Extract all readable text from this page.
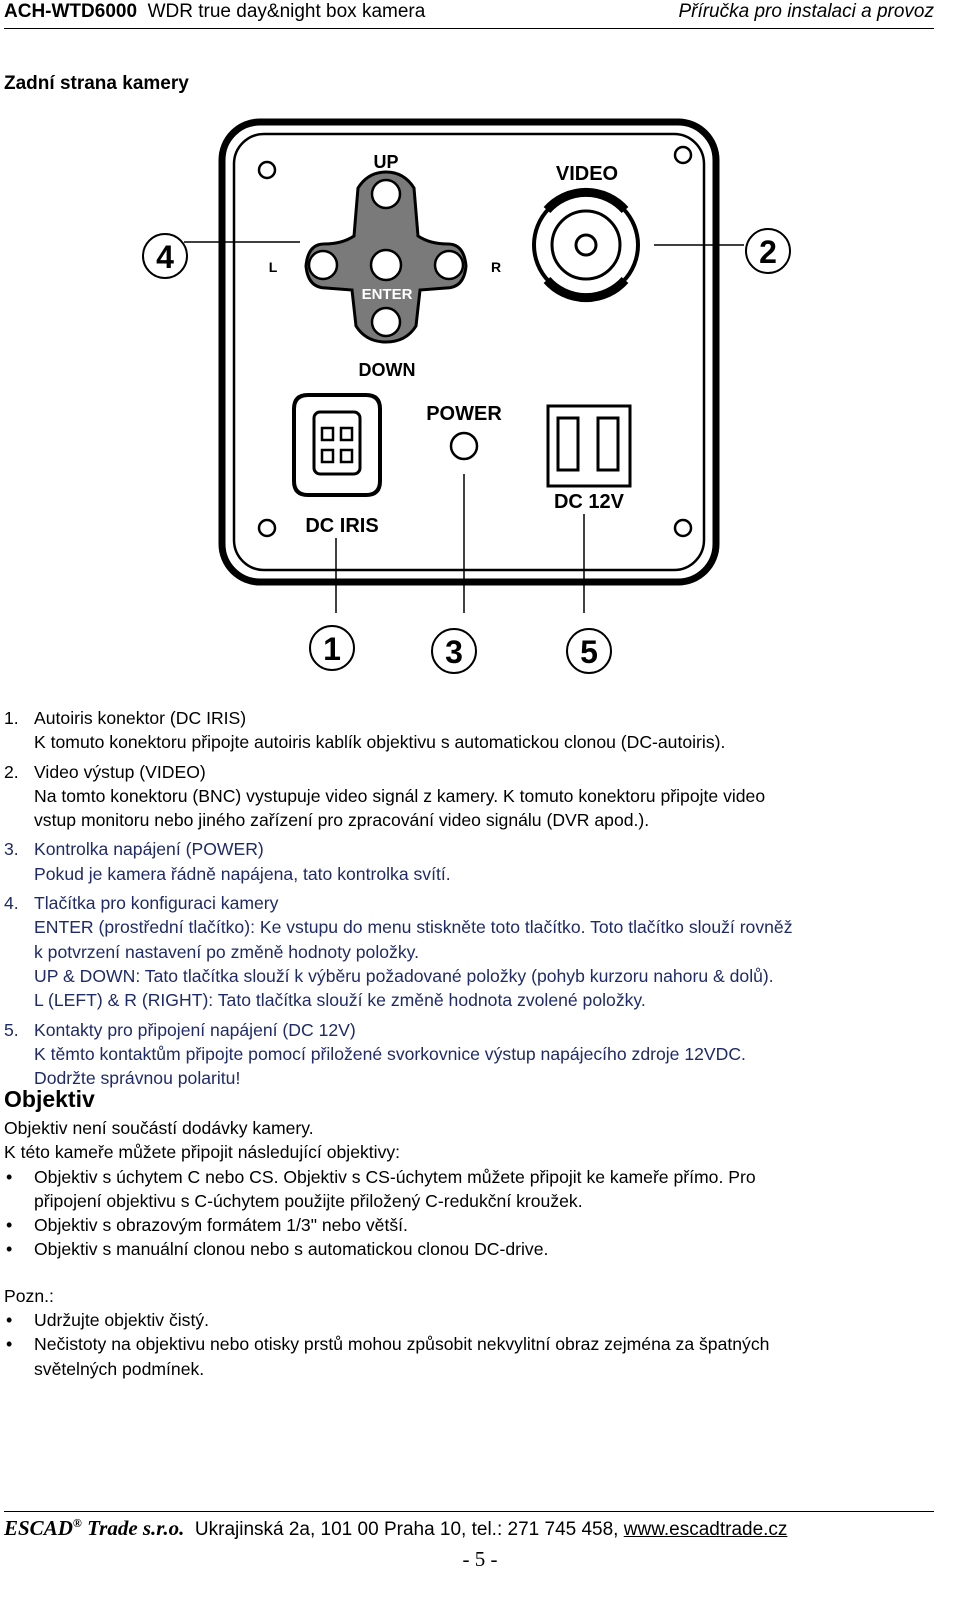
ACH-WTD6000 WDR true day&night box kamera	Příručka pro instalaci a provoz
Zadní strana kamery
UP
L	R
ENTER
DOWN
VIDEO
DC IRIS
POWER
DC 12V
1
2
3
4
5
1. Autoiris konektor (DC IRIS)
K tomuto konektoru připojte autoiris kablík objektivu s automatickou clonou (DC-autoiris).
2. Video výstup (VIDEO)
Na tomto konektoru (BNC) vystupuje video signál z kamery. K tomuto konektoru připojte video
vstup monitoru nebo jiného zařízení pro zpracování video signálu (DVR apod.).
3. Kontrolka napájení (POWER)
Pokud je kamera řádně napájena, tato kontrolka svítí.
4. Tlačítka pro konfiguraci kamery
ENTER (prostřední tlačítko): Ke vstupu do menu stiskněte toto tlačítko. Toto tlačítko slouží rovněž
k potvrzení nastavení po změně hodnoty položky.
UP & DOWN: Tato tlačítka slouží k výběru požadované položky (pohyb kurzoru nahoru & dolů).
L (LEFT) & R (RIGHT): Tato tlačítka slouží ke změně hodnota zvolené položky.
5. Kontakty pro připojení napájení (DC 12V)
K těmto kontaktům připojte pomocí přiložené svorkovnice výstup napájecího zdroje 12VDC.
Dodržte správnou polaritu!
Objektiv
Objektiv není součástí dodávky kamery.
K této kameře můžete připojit následující objektivy:
• Objektiv s úchytem C nebo CS. Objektiv s CS-úchytem můžete připojit ke kameře přímo. Pro
připojení objektivu s C-úchytem použijte přiložený C-redukční kroužek.
• Objektiv s obrazovým formátem 1/3" nebo větší.
• Objektiv s manuální clonou nebo s automatickou clonou DC-drive.
Pozn.:
• Udržujte objektiv čistý.
• Nečistoty na objektivu nebo otisky prstů mohou způsobit nekvylitní obraz zejména za špatných
světelných podmínek.
ESCAD® Trade s.r.o. Ukrajinská 2a, 101 00 Praha 10, tel.: 271 745 458, www.escadtrade.cz
- 5 -
